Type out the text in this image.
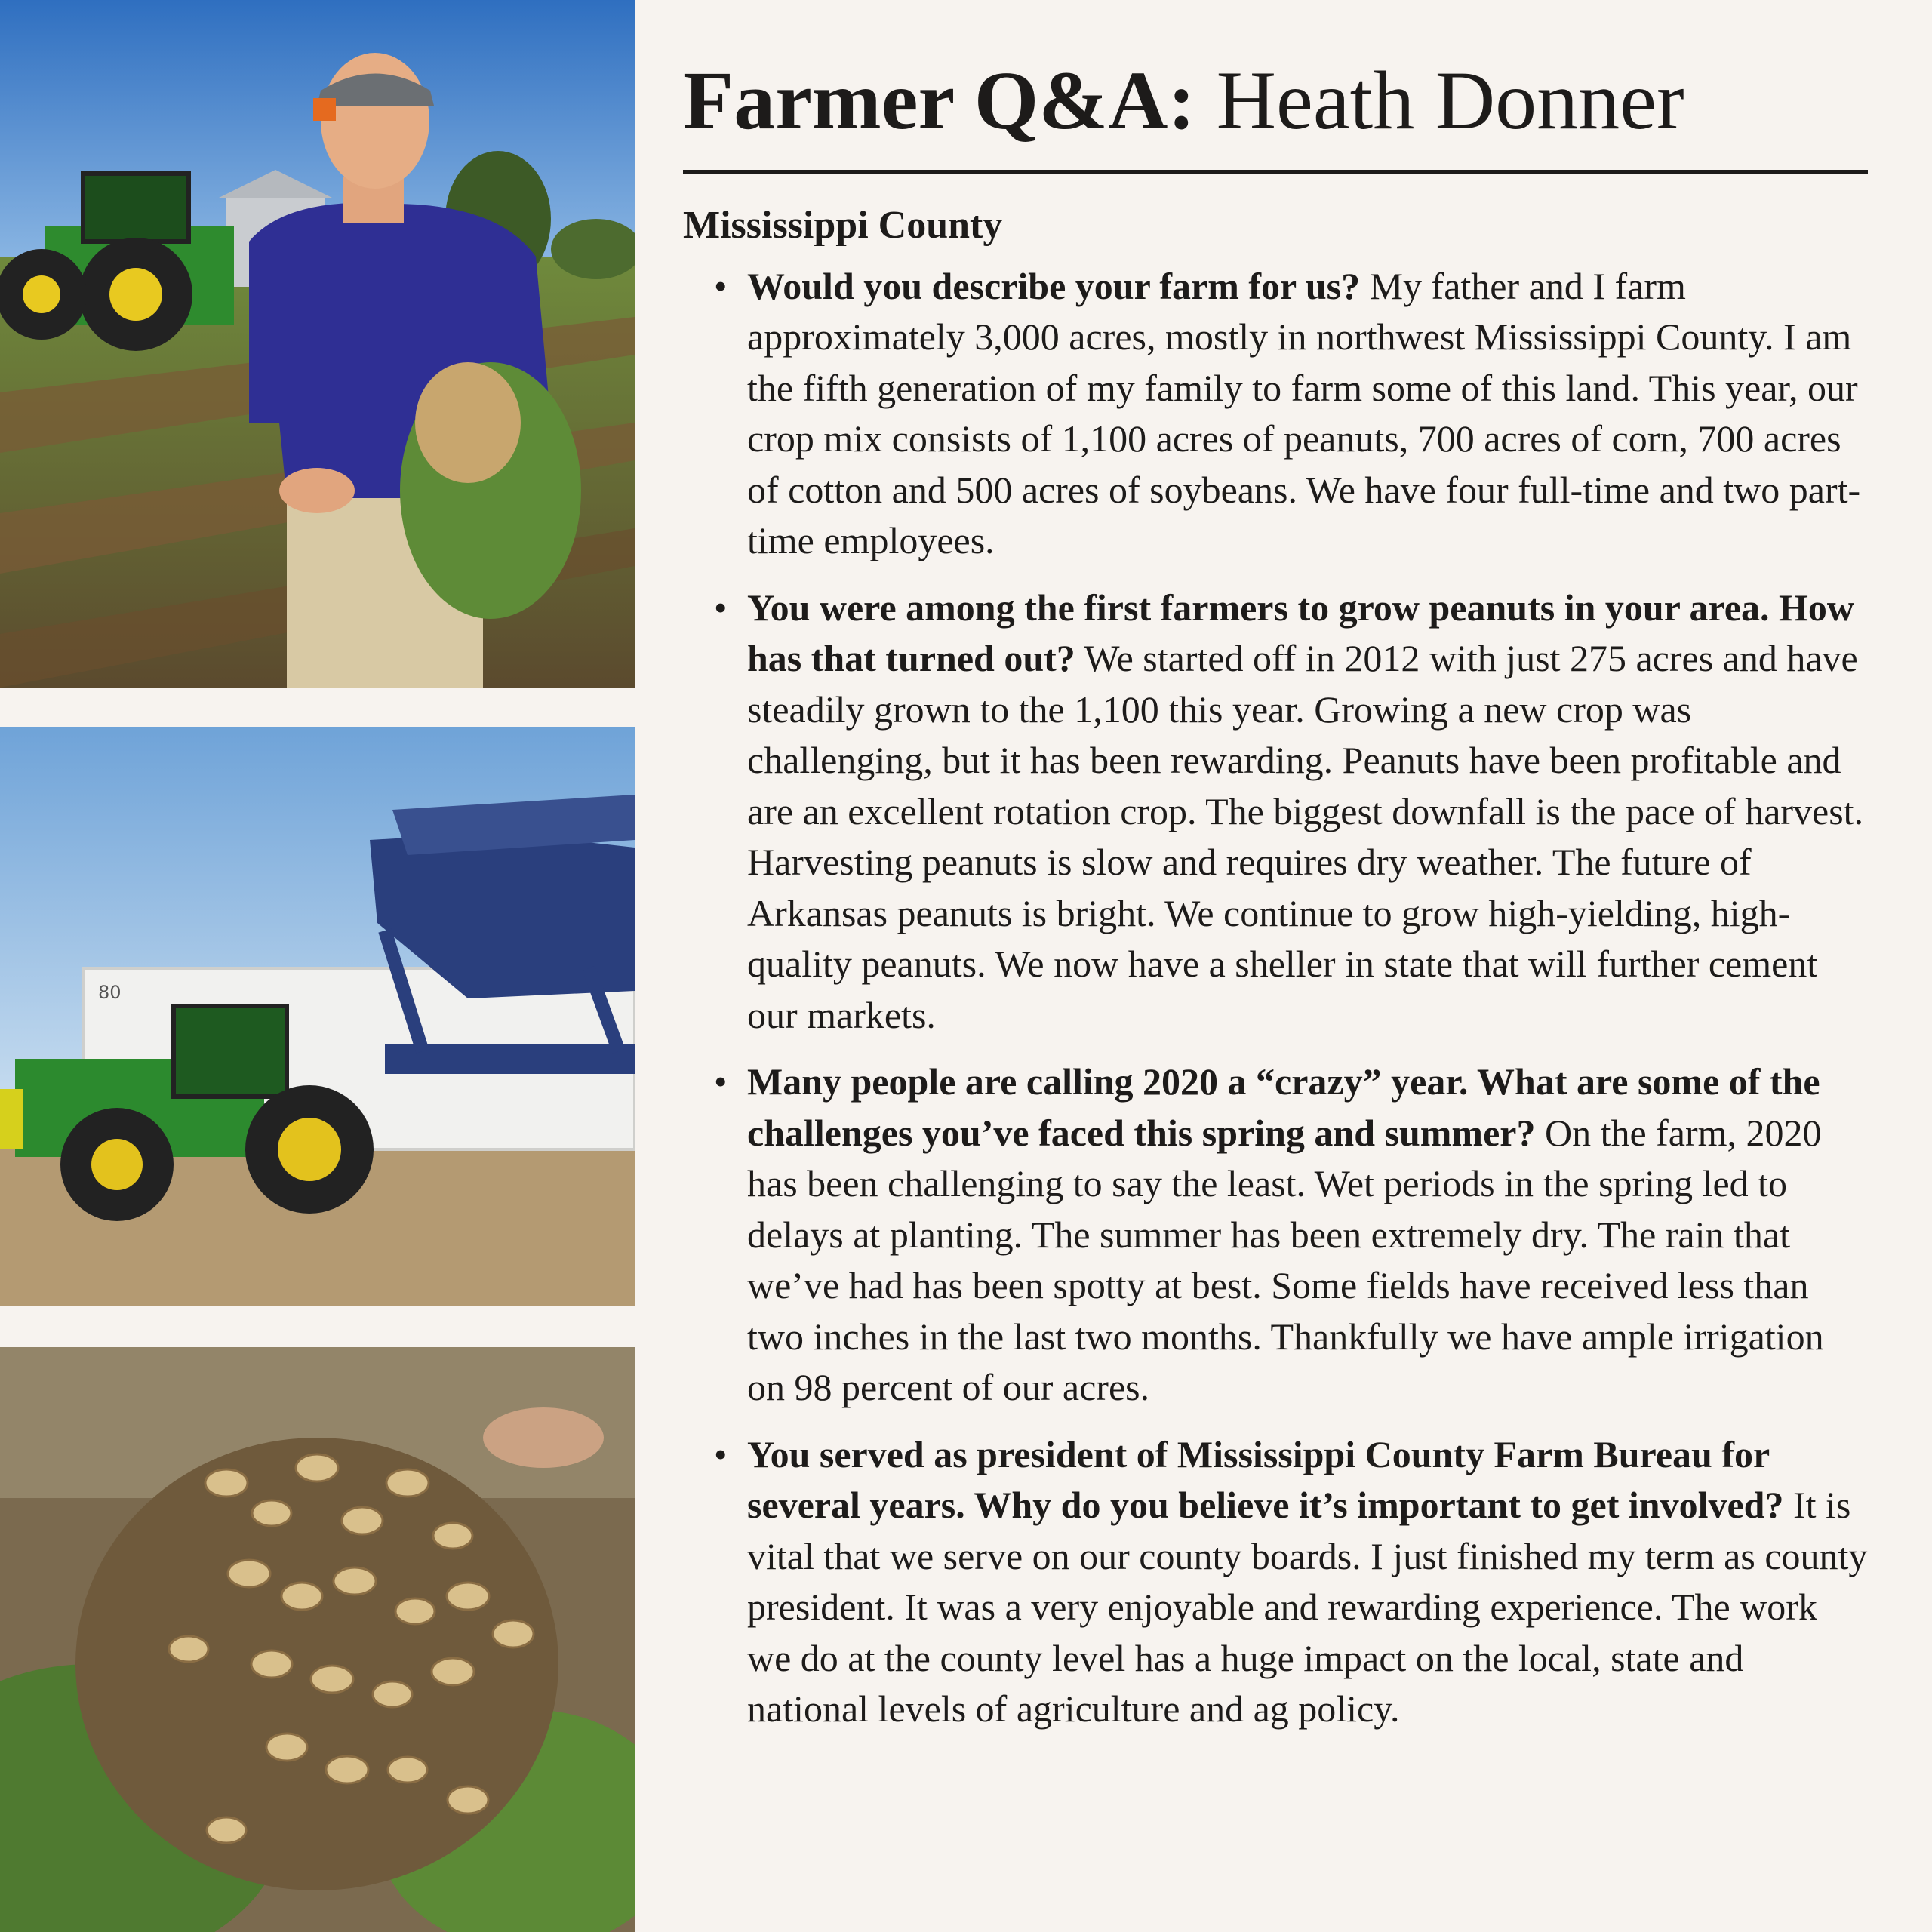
80
Farmer Q&A: Heath Donner
Mississippi County
• Would you describe your farm for us? My father and I farm approximately 3,000 acres, mostly in northwest Mississippi County. I am the fifth generation of my family to farm some of this land. This year, our crop mix consists of 1,100 acres of peanuts, 700 acres of corn, 700 acres of cotton and 500 acres of soybeans. We have four full-time and two part-time employees.
• You were among the first farmers to grow peanuts in your area. How has that turned out? We started off in 2012 with just 275 acres and have steadily grown to the 1,100 this year. Growing a new crop was challenging, but it has been rewarding. Peanuts have been profitable and are an excellent rotation crop. The biggest downfall is the pace of harvest. Harvesting peanuts is slow and requires dry weather. The future of Arkansas peanuts is bright. We continue to grow high-yielding, high-quality peanuts. We now have a sheller in state that will further cement our markets.
• Many people are calling 2020 a “crazy” year. What are some of the challenges you’ve faced this spring and summer? On the farm, 2020 has been challenging to say the least. Wet periods in the spring led to delays at planting. The summer has been extremely dry. The rain that we’ve had has been spotty at best. Some fields have received less than two inches in the last two months. Thankfully we have ample irrigation on 98 percent of our acres.
• You served as president of Mississippi County Farm Bureau for several years. Why do you believe it’s important to get involved? It is vital that we serve on our county boards. I just finished my term as county president. It was a very enjoyable and rewarding experience. The work we do at the county level has a huge impact on the local, state and national levels of agriculture and ag policy.
